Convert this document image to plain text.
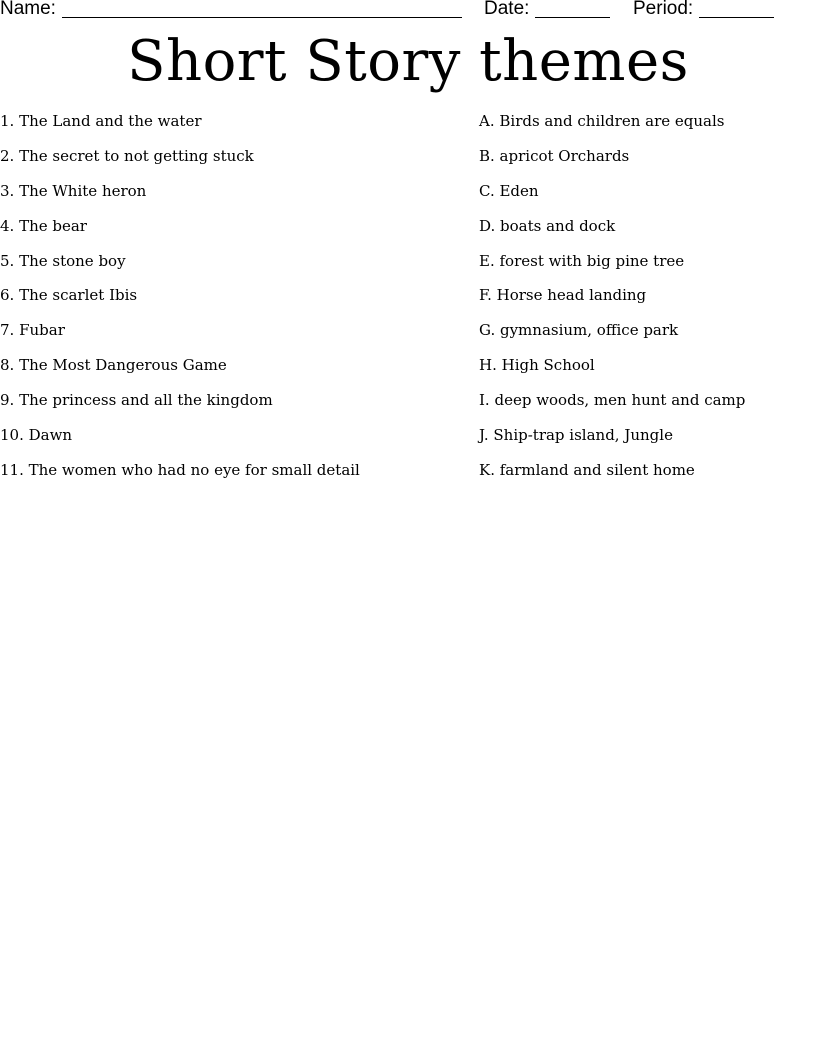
Name:	Date:	Period:
Short Story themes
1. The Land and the water
2. The secret to not getting stuck
3. The White heron
4. The bear
5. The stone boy
6. The scarlet Ibis
7. Fubar
8. The Most Dangerous Game
9. The princess and all the kingdom
10. Dawn
11. The women who had no eye for small detail
A. Birds and children are equals
B. apricot Orchards
C. Eden
D. boats and dock
E. forest with big pine tree
F. Horse head landing
G. gymnasium, office park
H. High School
I. deep woods, men hunt and camp
J. Ship-trap island, Jungle
K. farmland and silent home
